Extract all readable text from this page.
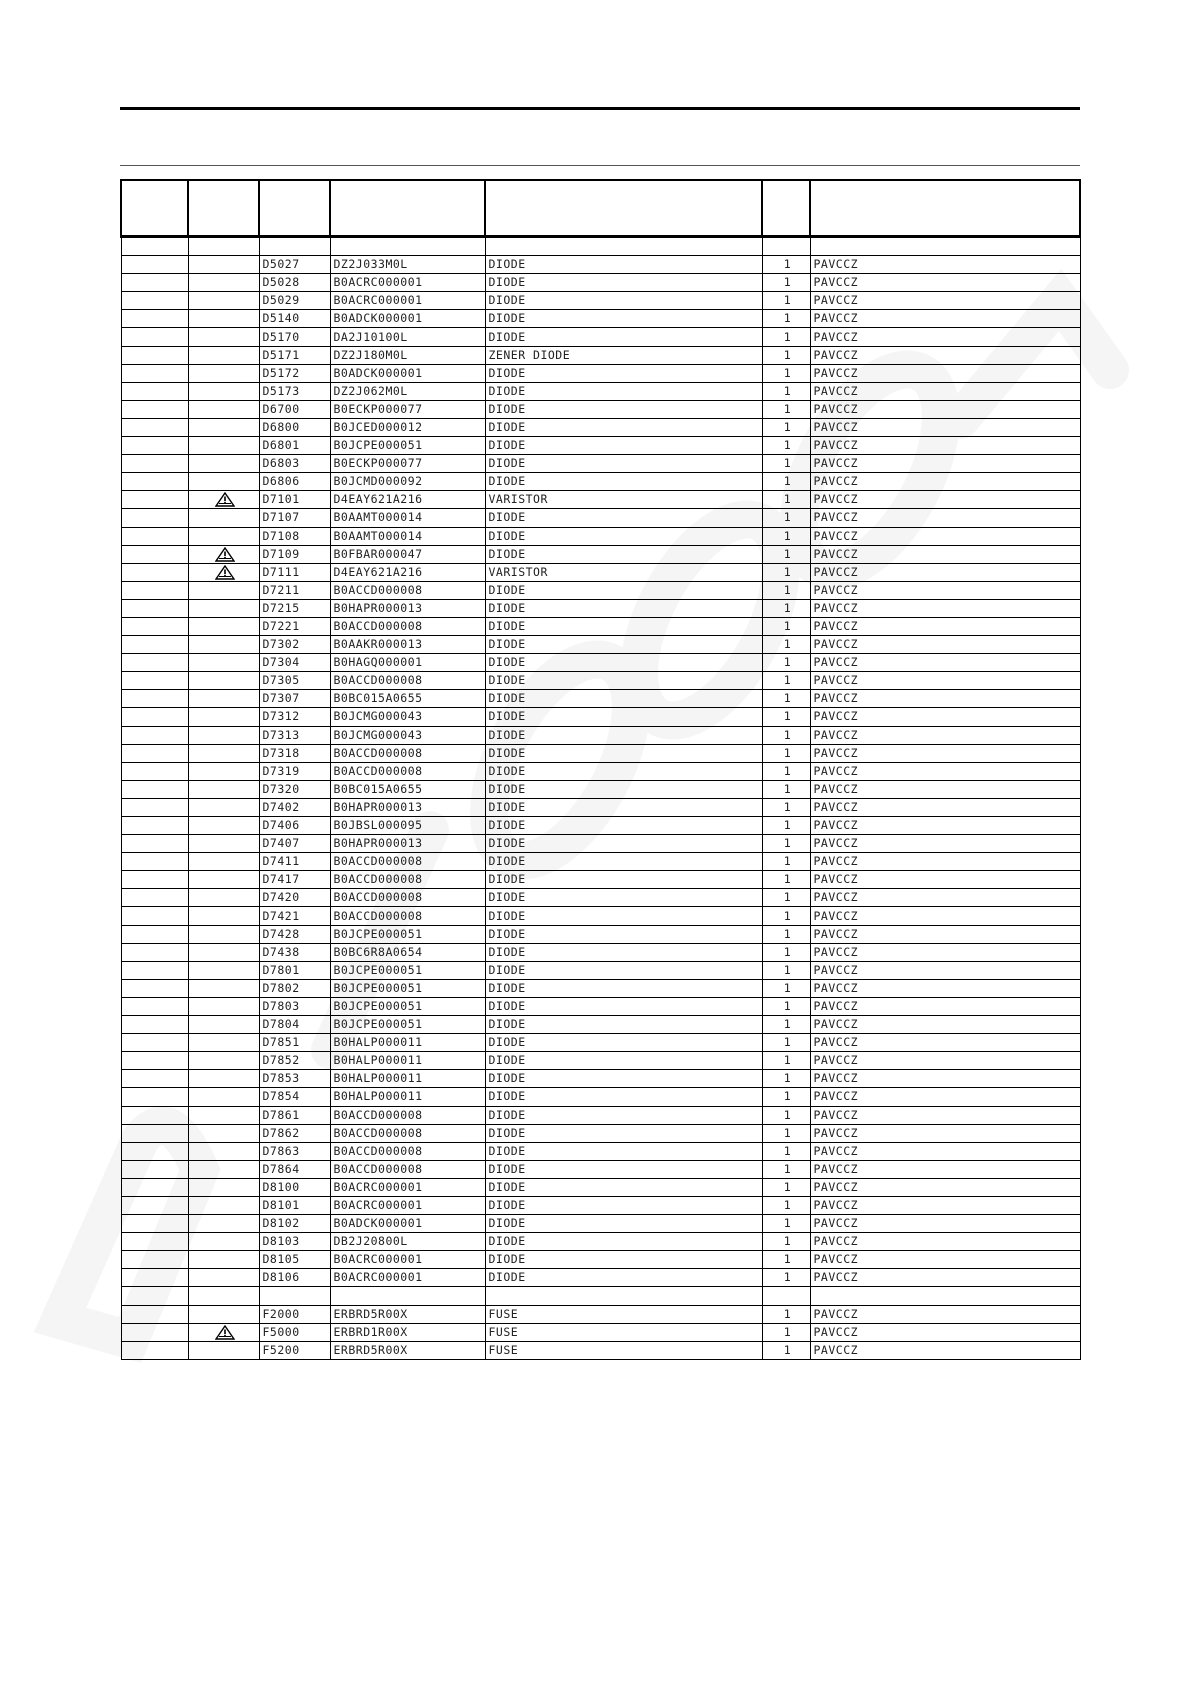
		D5027	DZ2J033M0L	DIODE	1	PAVCCZ
		D5028	B0ACRC000001	DIODE	1	PAVCCZ
		D5029	B0ACRC000001	DIODE	1	PAVCCZ
		D5140	B0ADCK000001	DIODE	1	PAVCCZ
		D5170	DA2J10100L	DIODE	1	PAVCCZ
		D5171	DZ2J180M0L	ZENER DIODE	1	PAVCCZ
		D5172	B0ADCK000001	DIODE	1	PAVCCZ
		D5173	DZ2J062M0L	DIODE	1	PAVCCZ
		D6700	B0ECKP000077	DIODE	1	PAVCCZ
		D6800	B0JCED000012	DIODE	1	PAVCCZ
		D6801	B0JCPE000051	DIODE	1	PAVCCZ
		D6803	B0ECKP000077	DIODE	1	PAVCCZ
		D6806	B0JCMD000092	DIODE	1	PAVCCZ
		D7101	D4EAY621A216	VARISTOR	1	PAVCCZ
		D7107	B0AAMT000014	DIODE	1	PAVCCZ
		D7108	B0AAMT000014	DIODE	1	PAVCCZ
		D7109	B0FBAR000047	DIODE	1	PAVCCZ
		D7111	D4EAY621A216	VARISTOR	1	PAVCCZ
		D7211	B0ACCD000008	DIODE	1	PAVCCZ
		D7215	B0HAPR000013	DIODE	1	PAVCCZ
		D7221	B0ACCD000008	DIODE	1	PAVCCZ
		D7302	B0AAKR000013	DIODE	1	PAVCCZ
		D7304	B0HAGQ000001	DIODE	1	PAVCCZ
		D7305	B0ACCD000008	DIODE	1	PAVCCZ
		D7307	B0BC015A0655	DIODE	1	PAVCCZ
		D7312	B0JCMG000043	DIODE	1	PAVCCZ
		D7313	B0JCMG000043	DIODE	1	PAVCCZ
		D7318	B0ACCD000008	DIODE	1	PAVCCZ
		D7319	B0ACCD000008	DIODE	1	PAVCCZ
		D7320	B0BC015A0655	DIODE	1	PAVCCZ
		D7402	B0HAPR000013	DIODE	1	PAVCCZ
		D7406	B0JBSL000095	DIODE	1	PAVCCZ
		D7407	B0HAPR000013	DIODE	1	PAVCCZ
		D7411	B0ACCD000008	DIODE	1	PAVCCZ
		D7417	B0ACCD000008	DIODE	1	PAVCCZ
		D7420	B0ACCD000008	DIODE	1	PAVCCZ
		D7421	B0ACCD000008	DIODE	1	PAVCCZ
		D7428	B0JCPE000051	DIODE	1	PAVCCZ
		D7438	B0BC6R8A0654	DIODE	1	PAVCCZ
		D7801	B0JCPE000051	DIODE	1	PAVCCZ
		D7802	B0JCPE000051	DIODE	1	PAVCCZ
		D7803	B0JCPE000051	DIODE	1	PAVCCZ
		D7804	B0JCPE000051	DIODE	1	PAVCCZ
		D7851	B0HALP000011	DIODE	1	PAVCCZ
		D7852	B0HALP000011	DIODE	1	PAVCCZ
		D7853	B0HALP000011	DIODE	1	PAVCCZ
		D7854	B0HALP000011	DIODE	1	PAVCCZ
		D7861	B0ACCD000008	DIODE	1	PAVCCZ
		D7862	B0ACCD000008	DIODE	1	PAVCCZ
		D7863	B0ACCD000008	DIODE	1	PAVCCZ
		D7864	B0ACCD000008	DIODE	1	PAVCCZ
		D8100	B0ACRC000001	DIODE	1	PAVCCZ
		D8101	B0ACRC000001	DIODE	1	PAVCCZ
		D8102	B0ADCK000001	DIODE	1	PAVCCZ
		D8103	DB2J20800L	DIODE	1	PAVCCZ
		D8105	B0ACRC000001	DIODE	1	PAVCCZ
		D8106	B0ACRC000001	DIODE	1	PAVCCZ

		F2000	ERBRD5R00X	FUSE	1	PAVCCZ
		F5000	ERBRD1R00X	FUSE	1	PAVCCZ
		F5200	ERBRD5R00X	FUSE	1	PAVCCZ
